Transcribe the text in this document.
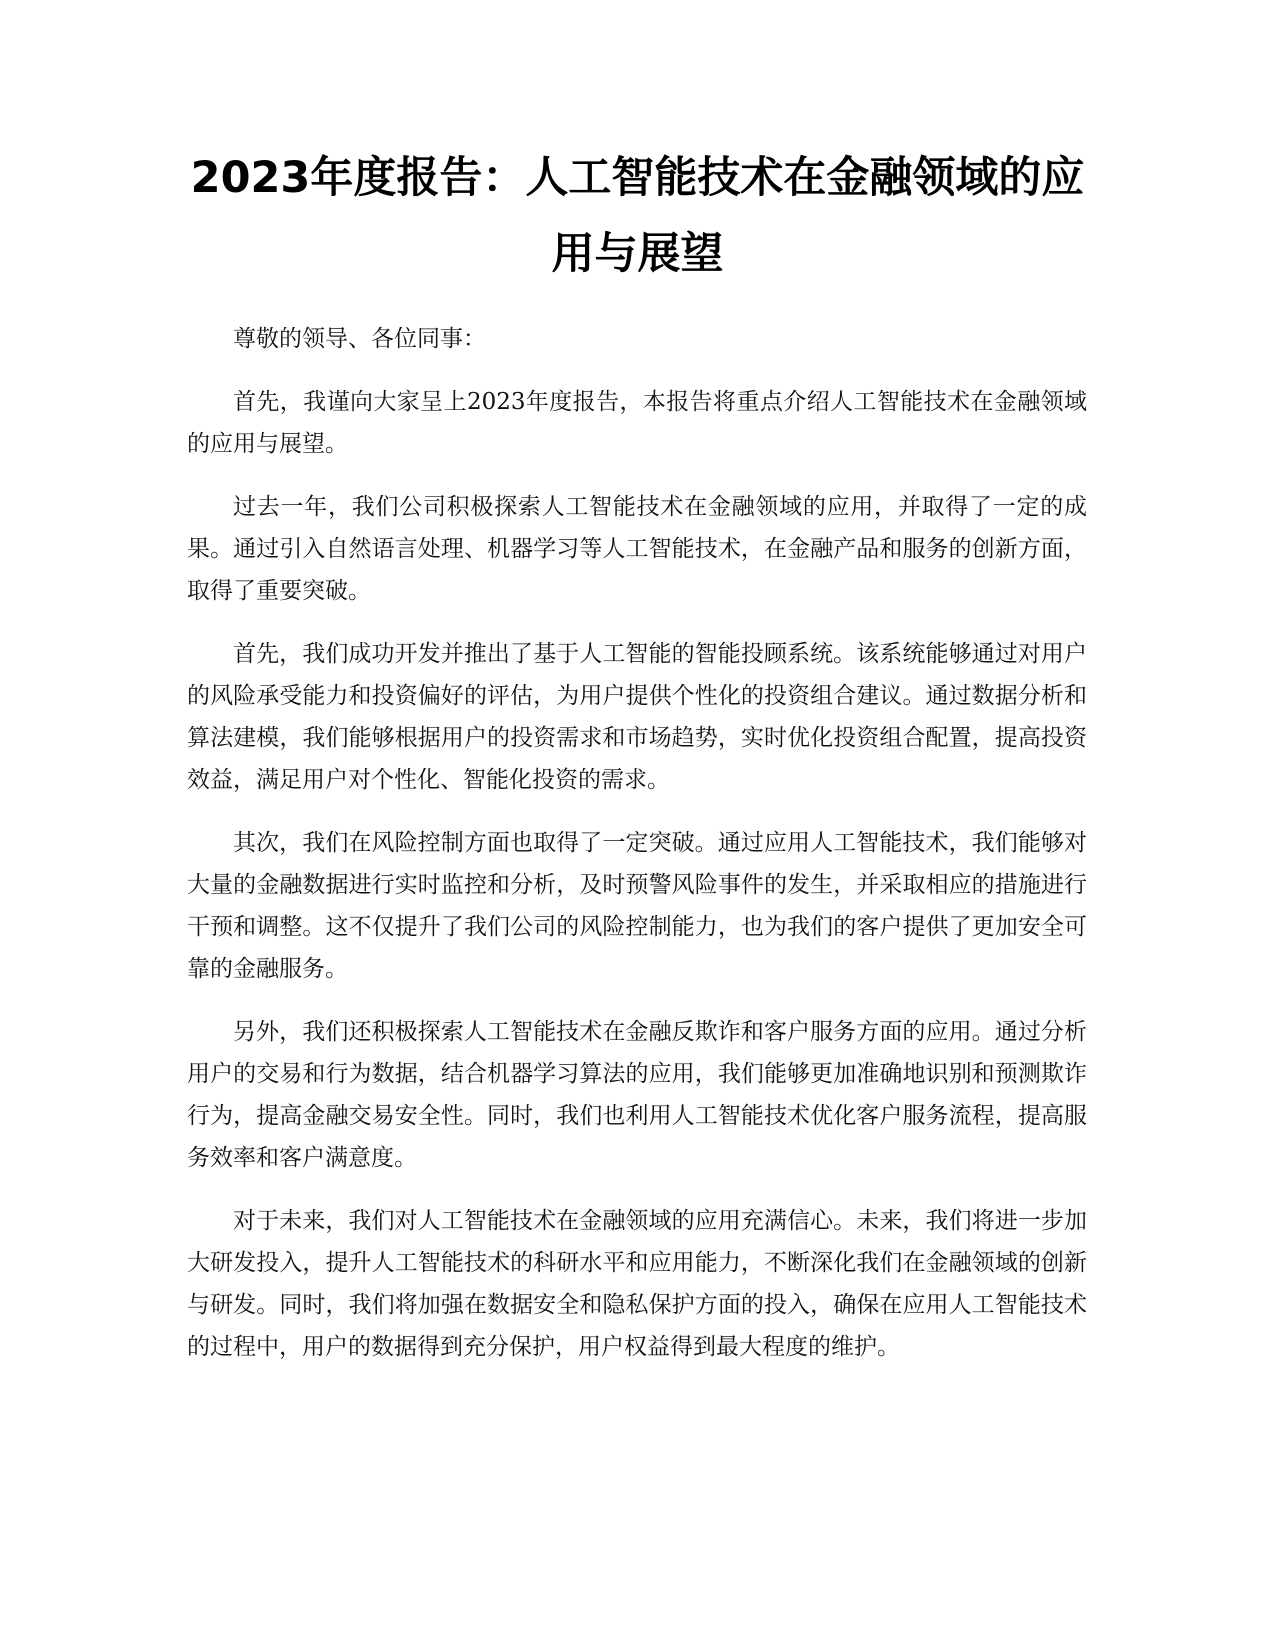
2023年度报告：人工智能技术在金融领域的应用与展望

尊敬的领导、各位同事：

首先，我谨向大家呈上2023年度报告，本报告将重点介绍人工智能技术在金融领域的应用与展望。

过去一年，我们公司积极探索人工智能技术在金融领域的应用，并取得了一定的成果。通过引入自然语言处理、机器学习等人工智能技术，在金融产品和服务的创新方面，取得了重要突破。

首先，我们成功开发并推出了基于人工智能的智能投顾系统。该系统能够通过对用户的风险承受能力和投资偏好的评估，为用户提供个性化的投资组合建议。通过数据分析和算法建模，我们能够根据用户的投资需求和市场趋势，实时优化投资组合配置，提高投资效益，满足用户对个性化、智能化投资的需求。

其次，我们在风险控制方面也取得了一定突破。通过应用人工智能技术，我们能够对大量的金融数据进行实时监控和分析，及时预警风险事件的发生，并采取相应的措施进行干预和调整。这不仅提升了我们公司的风险控制能力，也为我们的客户提供了更加安全可靠的金融服务。

另外，我们还积极探索人工智能技术在金融反欺诈和客户服务方面的应用。通过分析用户的交易和行为数据，结合机器学习算法的应用，我们能够更加准确地识别和预测欺诈行为，提高金融交易安全性。同时，我们也利用人工智能技术优化客户服务流程，提高服务效率和客户满意度。

对于未来，我们对人工智能技术在金融领域的应用充满信心。未来，我们将进一步加大研发投入，提升人工智能技术的科研水平和应用能力，不断深化我们在金融领域的创新与研发。同时，我们将加强在数据安全和隐私保护方面的投入，确保在应用人工智能技术的过程中，用户的数据得到充分保护，用户权益得到最大程度的维护。
